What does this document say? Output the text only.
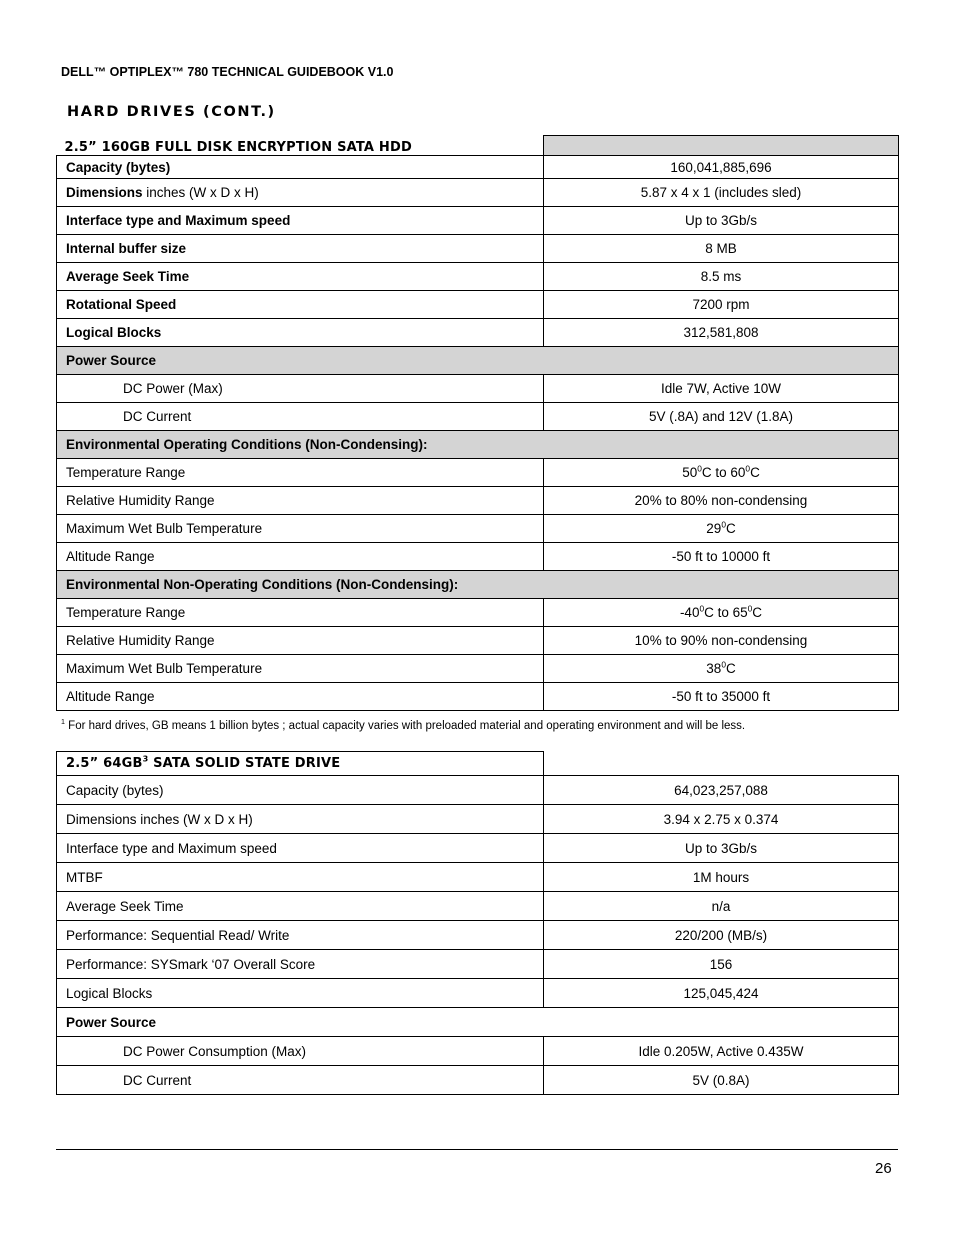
DELL™ OPTIPLEX™ 780 TECHNICAL GUIDEBOOK V1.0
HARD DRIVES (CONT.)
2.5” 160GB FULL DISK ENCRYPTION SATA HDD	
Capacity (bytes)	160,041,885,696
Dimensions inches (W x D x H)	5.87 x 4 x 1 (includes sled)
Interface type and Maximum speed	Up to 3Gb/s
Internal buffer size	8 MB
Average Seek Time	8.5 ms
Rotational Speed	7200 rpm
Logical Blocks	312,581,808
Power Source	
DC Power (Max)	Idle 7W, Active 10W
DC Current	5V (.8A) and 12V (1.8A)
Environmental Operating Conditions (Non-Condensing):	
Temperature Range	$50^0C$ to $60^0C$
Relative Humidity Range	20% to 80% non-condensing
Maximum Wet Bulb Temperature	$29^0C$
Altitude Range	-50 ft to 10000 ft
Environmental Non-Operating Conditions (Non-Condensing):	
Temperature Range	$-40^0C$ to $65^0C$
Relative Humidity Range	10% to 90% non-condensing
Maximum Wet Bulb Temperature	$38^0C$
Altitude Range	-50 ft to 35000 ft
$^1$ For hard drives, GB means 1 billion bytes ; actual capacity varies with preloaded material and operating environment and will be less.
2.5” $64GB^3$ SATA SOLID STATE DRIVE	
Capacity (bytes)	64,023,257,088
Dimensions inches (W x D x H)	3.94 x 2.75 x 0.374
Interface type and Maximum speed	Up to 3Gb/s
MTBF	1M hours
Average Seek Time	n/a
Performance: Sequential Read/ Write	220/200 (MB/s)
Performance: SYSmark ‘07 Overall Score	156
Logical Blocks	125,045,424
Power Source	
DC Power Consumption (Max)	Idle 0.205W, Active 0.435W
DC Current	5V (0.8A)
26
